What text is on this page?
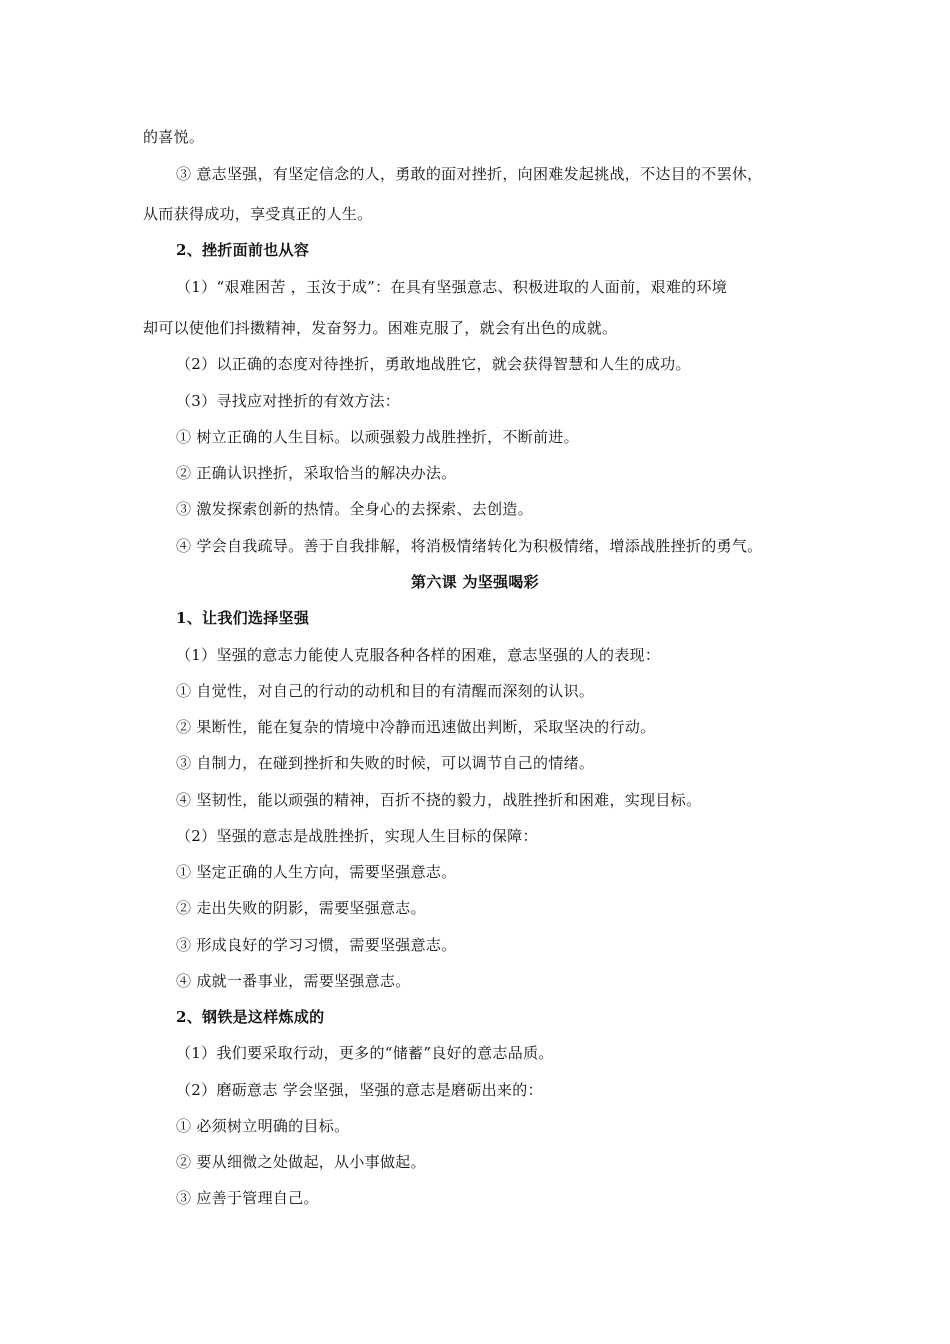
的喜悦。
③ 意志坚强，有坚定信念的人，勇敢的面对挫折，向困难发起挑战，不达目的不罢休，
从而获得成功，享受真正的人生。
2、挫折面前也从容
（1）“艰难困苦 ，玉汝于成”：在具有坚强意志、积极进取的人面前，艰难的环境
却可以使他们抖擞精神，发奋努力。困难克服了，就会有出色的成就。
（2）以正确的态度对待挫折，勇敢地战胜它，就会获得智慧和人生的成功。
（3）寻找应对挫折的有效方法：
① 树立正确的人生目标。以顽强毅力战胜挫折，不断前进。
② 正确认识挫折，采取恰当的解决办法。
③ 激发探索创新的热情。全身心的去探索、去创造。
④ 学会自我疏导。善于自我排解，将消极情绪转化为积极情绪，增添战胜挫折的勇气。
第六课 为坚强喝彩
1、让我们选择坚强
（1）坚强的意志力能使人克服各种各样的困难，意志坚强的人的表现：
① 自觉性，对自己的行动的动机和目的有清醒而深刻的认识。
② 果断性，能在复杂的情境中冷静而迅速做出判断，采取坚决的行动。
③ 自制力，在碰到挫折和失败的时候，可以调节自己的情绪。
④ 坚韧性，能以顽强的精神，百折不挠的毅力，战胜挫折和困难，实现目标。
（2）坚强的意志是战胜挫折，实现人生目标的保障：
① 坚定正确的人生方向，需要坚强意志。
② 走出失败的阴影，需要坚强意志。
③ 形成良好的学习习惯，需要坚强意志。
④ 成就一番事业，需要坚强意志。
2、钢铁是这样炼成的
（1）我们要采取行动，更多的“储蓄”良好的意志品质。
（2）磨砺意志 学会坚强，坚强的意志是磨砺出来的：
① 必须树立明确的目标。
② 要从细微之处做起，从小事做起。
③ 应善于管理自己。
